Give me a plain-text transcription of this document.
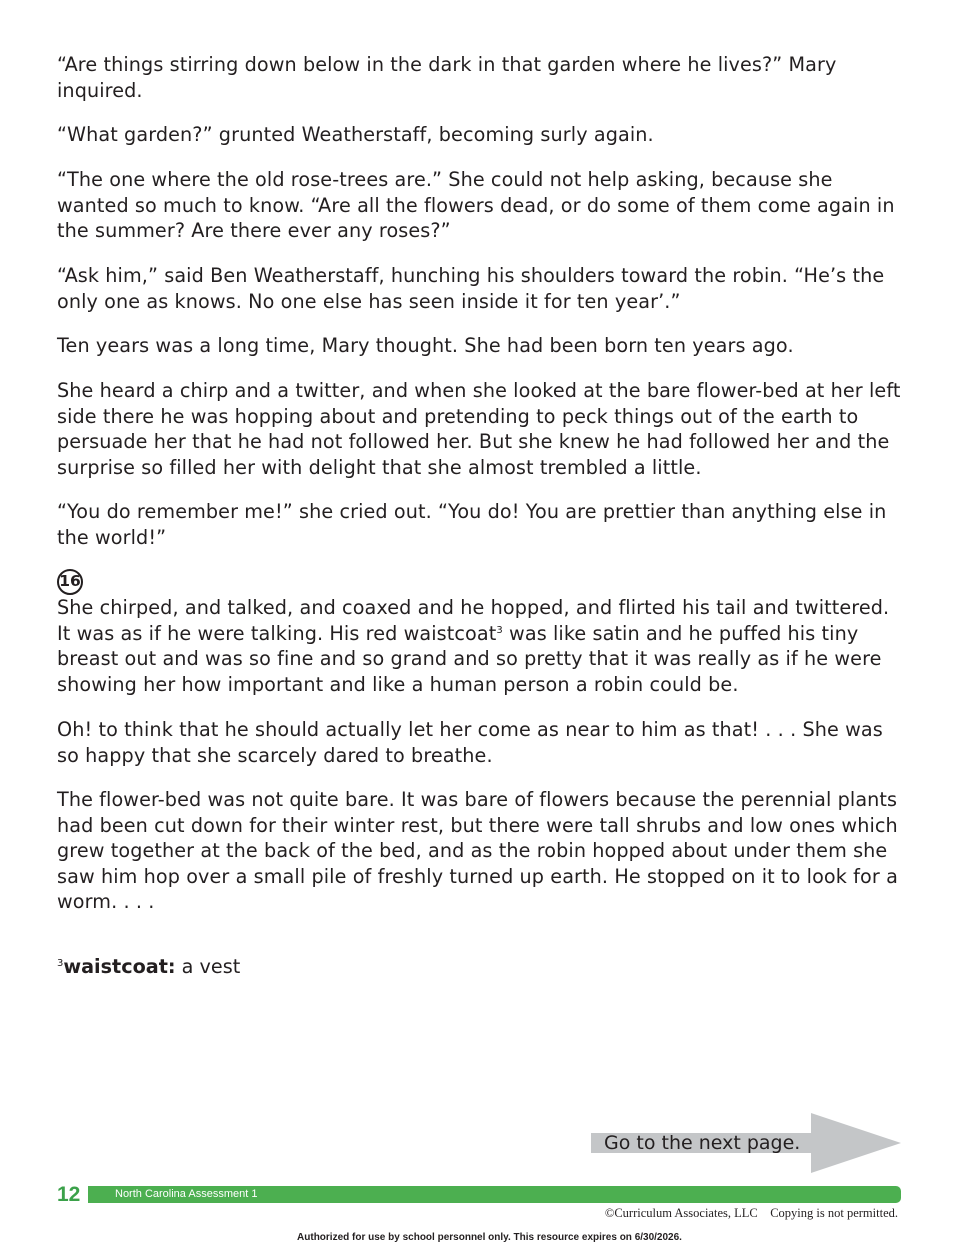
“Are things stirring down below in the dark in that garden where he lives?” Mary inquired.

“What garden?” grunted Weatherstaff, becoming surly again.

“The one where the old rose-trees are.” She could not help asking, because she wanted so much to know. “Are all the flowers dead, or do some of them come again in the summer? Are there ever any roses?”

“Ask him,” said Ben Weatherstaff, hunching his shoulders toward the robin. “He’s the only one as knows. No one else has seen inside it for ten year’.”

Ten years was a long time, Mary thought. She had been born ten years ago.

She heard a chirp and a twitter, and when she looked at the bare flower-bed at her left side there he was hopping about and pretending to peck things out of the earth to persuade her that he had not followed her. But she knew he had followed her and the surprise so filled her with delight that she almost trembled a little.

“You do remember me!” she cried out. “You do! You are prettier than anything else in the world!”

16

She chirped, and talked, and coaxed and he hopped, and flirted his tail and twittered. It was as if he were talking. His red waistcoat$^3$ was like satin and he puffed his tiny breast out and was so fine and so grand and so pretty that it was really as if he were showing her how important and like a human person a robin could be.

Oh! to think that he should actually let her come as near to him as that! . . . She was so happy that she scarcely dared to breathe.

The flower-bed was not quite bare. It was bare of flowers because the perennial plants had been cut down for their winter rest, but there were tall shrubs and low ones which grew together at the back of the bed, and as the robin hopped about under them she saw him hop over a small pile of freshly turned up earth. He stopped on it to look for a worm. . . .

$^3$waistcoat: a vest
Go to the next page.
12	North Carolina Assessment 1
©Curriculum Associates, LLC    Copying is not permitted.
Authorized for use by school personnel only. This resource expires on 6/30/2026.
